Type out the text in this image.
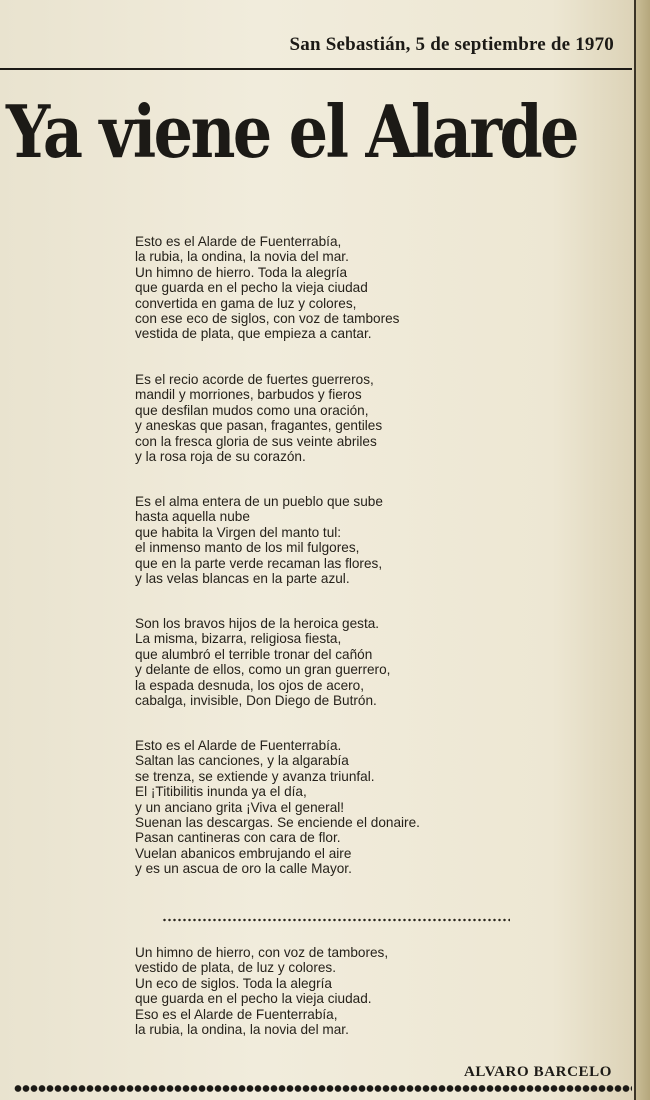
San Sebastián, 5 de septiembre de 1970
Ya viene el Alarde
Esto es el Alarde de Fuenterrabía,
la rubia, la ondina, la novia del mar.
Un himno de hierro. Toda la alegría
que guarda en el pecho la vieja ciudad
convertida en gama de luz y colores,
con ese eco de siglos, con voz de tambores
vestida de plata, que empieza a cantar.
Es el recio acorde de fuertes guerreros,
mandil y morriones, barbudos y fieros
que desfilan mudos como una oración,
y aneskas que pasan, fragantes, gentiles
con la fresca gloria de sus veinte abriles
y la rosa roja de su corazón.
Es el alma entera de un pueblo que sube
hasta aquella nube
que habita la Virgen del manto tul:
el inmenso manto de los mil fulgores,
que en la parte verde recaman las flores,
y las velas blancas en la parte azul.
Son los bravos hijos de la heroica gesta.
La misma, bizarra, religiosa fiesta,
que alumbró el terrible tronar del cañón
y delante de ellos, como un gran guerrero,
la espada desnuda, los ojos de acero,
cabalga, invisible, Don Diego de Butrón.
Esto es el Alarde de Fuenterrabía.
Saltan las canciones, y la algarabía
se trenza, se extiende y avanza triunfal.
El ¡Titibilitis inunda ya el día,
y un anciano grita ¡Viva el general!
Suenan las descargas. Se enciende el donaire.
Pasan cantineras con cara de flor.
Vuelan abanicos embrujando el aire
y es un ascua de oro la calle Mayor.
Un himno de hierro, con voz de tambores,
vestido de plata, de luz y colores.
Un eco de siglos. Toda la alegría
que guarda en el pecho la vieja ciudad.
Eso es el Alarde de Fuenterrabía,
la rubia, la ondina, la novia del mar.
ALVARO BARCELO
